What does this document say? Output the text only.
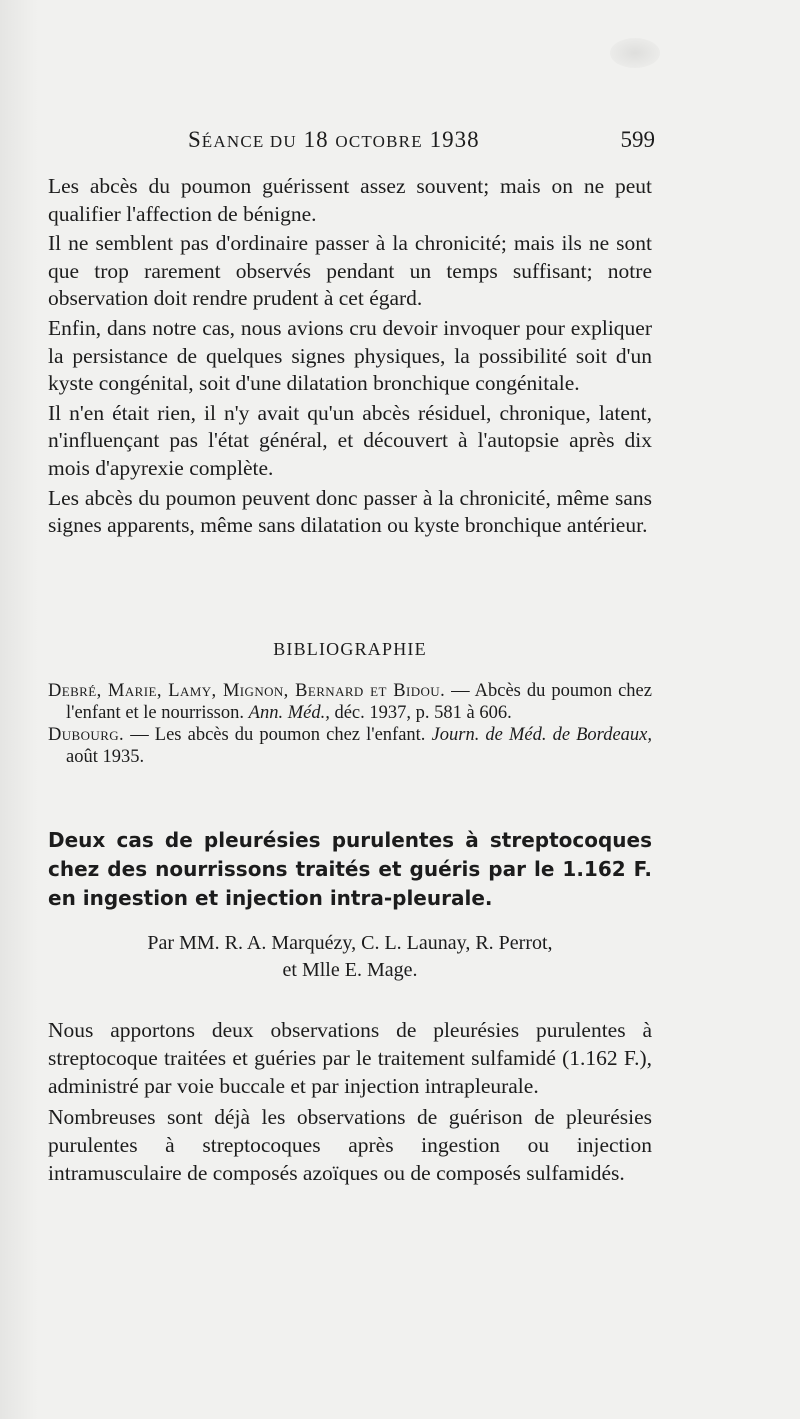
SÉANCE DU 18 OCTOBRE 1938	599

Les abcès du poumon guérissent assez souvent; mais on ne peut qualifier l'affection de bénigne.

Il ne semblent pas d'ordinaire passer à la chronicité; mais ils ne sont que trop rarement observés pendant un temps suffisant; notre observation doit rendre prudent à cet égard.

Enfin, dans notre cas, nous avions cru devoir invoquer pour expliquer la persistance de quelques signes physiques, la possibilité soit d'un kyste congénital, soit d'une dilatation bronchique congénitale.

Il n'en était rien, il n'y avait qu'un abcès résiduel, chronique, latent, n'influençant pas l'état général, et découvert à l'autopsie après dix mois d'apyrexie complète.

Les abcès du poumon peuvent donc passer à la chronicité, même sans signes apparents, même sans dilatation ou kyste bronchique antérieur.

BIBLIOGRAPHIE

Debré, Marie, Lamy, Mignon, Bernard et Bidou. — Abcès du poumon chez l'enfant et le nourrisson. Ann. Méd., déc. 1937, p. 581 à 606.

Dubourg. — Les abcès du poumon chez l'enfant. Journ. de Méd. de Bordeaux, août 1935.

Deux cas de pleurésies purulentes à streptocoques chez des nourrissons traités et guéris par le 1.162 F. en ingestion et injection intra-pleurale.
Par MM. R. A. Marquézy, C. L. Launay, R. Perrot,
et Mlle E. Mage.

Nous apportons deux observations de pleurésies purulentes à streptocoque traitées et guéries par le traitement sulfamidé (1.162 F.), administré par voie buccale et par injection intrapleurale.

Nombreuses sont déjà les observations de guérison de pleurésies purulentes à streptocoques après ingestion ou injection intramusculaire de composés azoïques ou de composés sulfamidés.
